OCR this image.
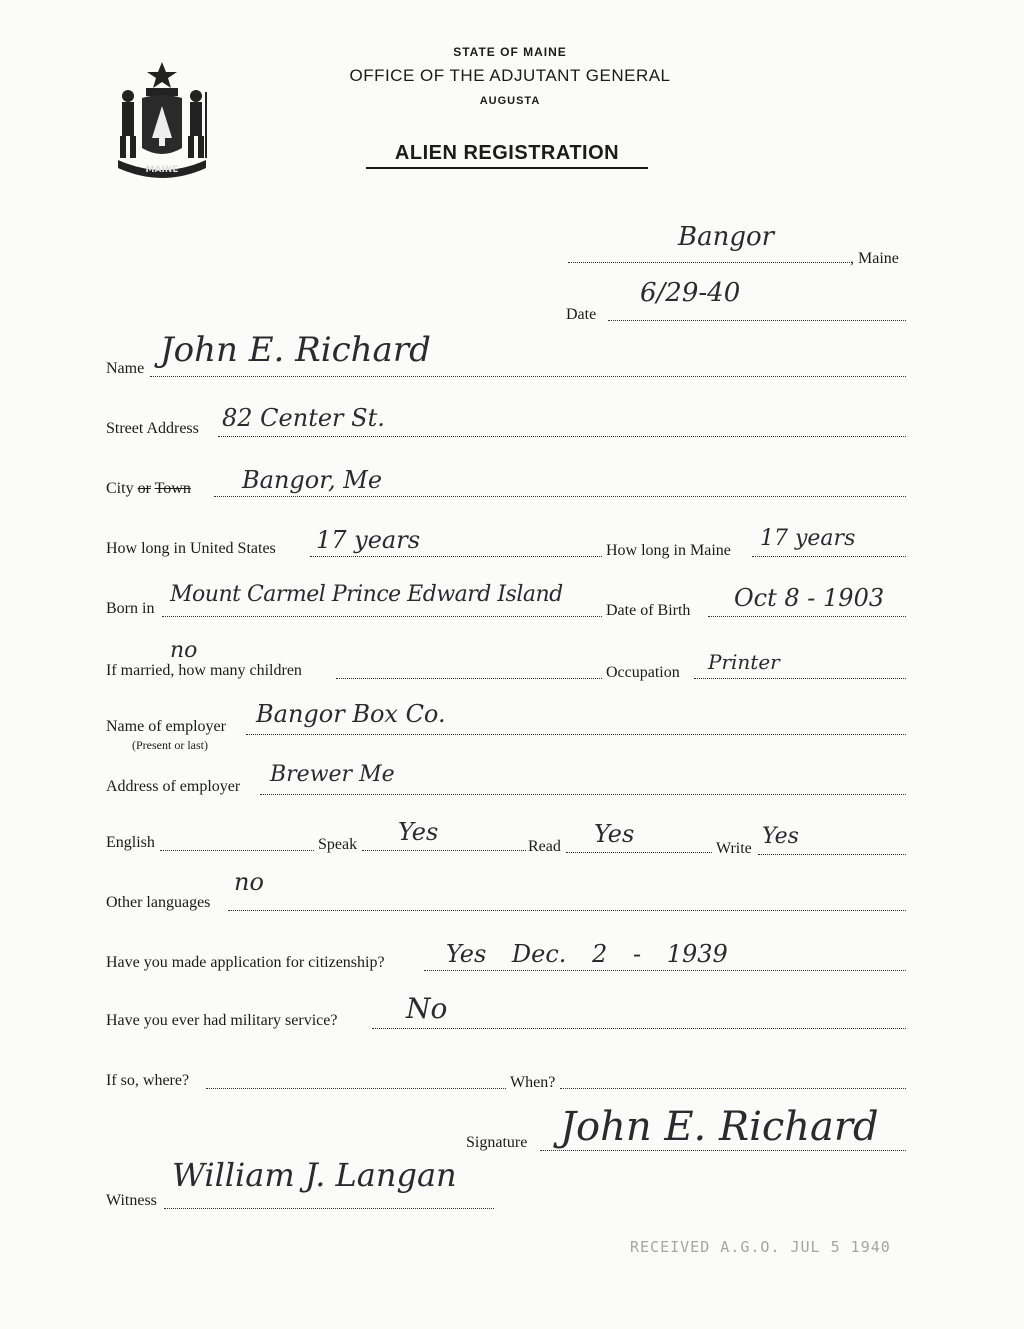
MAINE
STATE OF MAINE
OFFICE OF THE ADJUTANT GENERAL
AUGUSTA
ALIEN REGISTRATION
Bangor
, Maine
Date
6/29-40
Name John E. Richard
Street Address 82 Center St.
City or Town Bangor, Me
How long in United States 17 years	How long in Maine 17 years
Born in
Mount Carmel Prince Edward Island
Date of Birth Oct 8 - 1903
If married, how many children
no
Occupation Printer
Name of employer
(Present or last)
Bangor Box Co.
Address of employer Brewer Me
English	Speak Yes
Read Yes
Write Yes
Other languages
no
Have you made application for citizenship?	Yes Dec. 2 - 1939
Have you ever had military service? No
If so, where?	When?
Signature John E. Richard
Witness
William J. Langan
RECEIVED A.G.O. JUL 5 1940
